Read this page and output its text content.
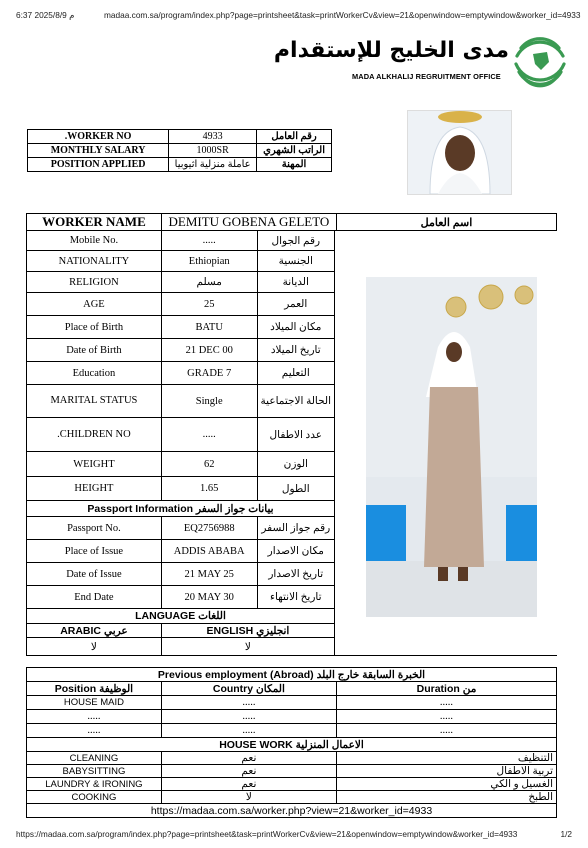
6:37 2025/8/9 م	madaa.com.sa/program/index.php?page=printsheet&task=printWorkerCv&view=21&openwindow=emptywindow&worker_id=4933
مدى الخليج للإستقدام
MADA ALKHALIJ REGRUITMENT OFFICE
.WORKER NO	4933	رقم العامل
MONTHLY SALARY	1000SR	الراتب الشهري
POSITION APPLIED	عاملة منزلية اثيوبيا	المهنة
WORKER NAME	DEMITU GOBENA GELETO			اسم العامل
Mobile No.	.....	رقم الجوال		
NATIONALITY	Ethiopian	الجنسية		
RELIGION	مسلم	الديانة		
AGE	25	العمر		
Place of Birth	BATU	مكان الميلاد		
Date of Birth	21 DEC 00	تاريخ الميلاد		
Education	GRADE 7	التعليم		
MARITAL STATUS	Single	الحالة الاجتماعية		
.CHILDREN NO	.....	عدد الاطفال		
WEIGHT	62	الوزن		
HEIGHT	1.65	الطول		
Passport Information بيانات جواز السفر				
Passport No.	EQ2756988	رقم جواز السفر		
Place of Issue	ADDIS ABABA	مكان الاصدار		
Date of Issue	21 MAY 25	تاريخ الاصدار		
End Date	20 MAY 30	تاريخ الانتهاء		
LANGUAGE اللغات				
ARABIC عربي	ENGLISH انجليزي			
لا	لا			

Previous employment (Abroad) الخبرة السابقة خارج البلد				
Position الوظيفة	Country المكان			Duration من
HOUSE MAID	.....			.....
.....	.....			.....
.....	.....			.....
HOUSE WORK الاعمال المنزلية				
CLEANING	نعم			التنظيف
BABYSITTING	نعم			تربية الاطفال
LAUNDRY & IRONING	نعم			الغسيل و الكي
COOKING	لا			الطبخ
https://madaa.com.sa/worker.php?view=21&worker_id=4933				
https://madaa.com.sa/program/index.php?page=printsheet&task=printWorkerCv&view=21&openwindow=emptywindow&worker_id=4933	1/2
